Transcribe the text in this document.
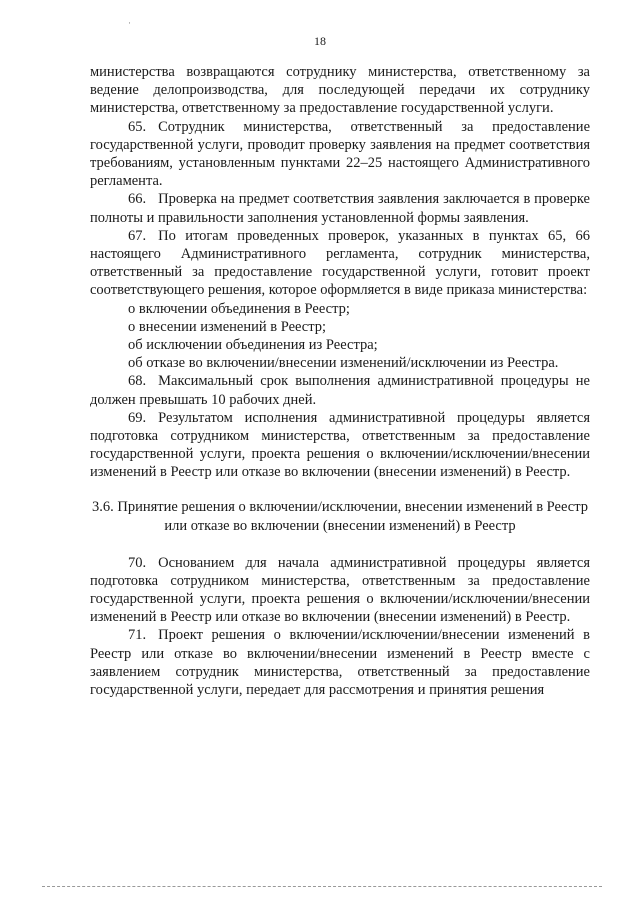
·
18

министерства возвращаются сотруднику министерства, ответственному за ведение делопроизводства, для последующей передачи их сотруднику министерства, ответственному за предоставление государственной услуги.

65. Сотрудник министерства, ответственный за предоставление государственной услуги, проводит проверку заявления на предмет соответствия требованиям, установленным пунктами 22–25 настоящего Административного регламента.

66. Проверка на предмет соответствия заявления заключается в проверке полноты и правильности заполнения установленной формы заявления.

67. По итогам проведенных проверок, указанных в пунктах 65, 66 настоящего Административного регламента, сотрудник министерства, ответственный за предоставление государственной услуги, готовит проект соответствующего решения, которое оформляется в виде приказа министерства:

о включении объединения в Реестр;

о внесении изменений в Реестр;

об исключении объединения из Реестра;

об отказе во включении/внесении изменений/исключении из Реестра.

68. Максимальный срок выполнения административной процедуры не должен превышать 10 рабочих дней.

69. Результатом исполнения административной процедуры является подготовка сотрудником министерства, ответственным за предоставление государственной услуги, проекта решения о включении/исключении/внесении изменений в Реестр или отказе во включении (внесении изменений) в Реестр.

3.6. Принятие решения о включении/исключении, внесении изменений в Реестр или отказе во включении (внесении изменений) в Реестр

70. Основанием для начала административной процедуры является подготовка сотрудником министерства, ответственным за предоставление государственной услуги, проекта решения о включении/исключении/внесении изменений в Реестр или отказе во включении (внесении изменений) в Реестр.

71. Проект решения о включении/исключении/внесении изменений в Реестр или отказе во включении/внесении изменений в Реестр вместе с заявлением сотрудник министерства, ответственный за предоставление государственной услуги, передает для рассмотрения и принятия решения
